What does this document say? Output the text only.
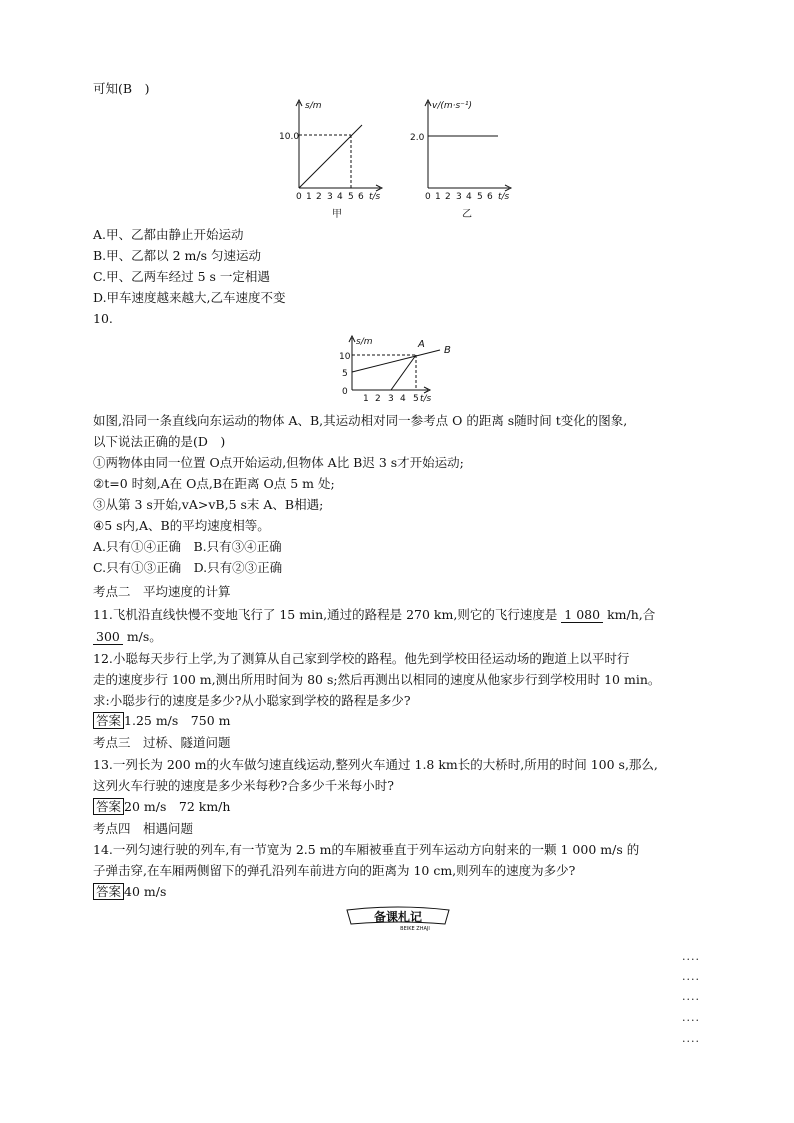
可知(B　)
s/m
10.0
0 1 2 3 4 5 6 t/s
甲
v/(m·s⁻¹)
2.0
0 1 2 3 4 5 6 t/s
乙
A.甲、乙都由静止开始运动
B.甲、乙都以 2 m/s 匀速运动
C.甲、乙两车经过 5 s 一定相遇
D.甲车速度越来越大,乙车速度不变
10.
s/m
10
5
0
1 2 3 4 5 t/s
A
B
如图,沿同一条直线向东运动的物体 A、B,其运动相对同一参考点 O 的距离 s随时间 t变化的图象,
以下说法正确的是(D　)
①两物体由同一位置 O点开始运动,但物体 A比 B迟 3 s才开始运动;
②t=0 时刻,A在 O点,B在距离 O点 5 m 处;
③从第 3 s开始,vA>vB,5 s末 A、B相遇;
④5 s内,A、B的平均速度相等。
A.只有①④正确　B.只有③④正确
C.只有①③正确　D.只有②③正确
考点二　平均速度的计算
11.飞机沿直线快慢不变地飞行了 15 min,通过的路程是 270 km,则它的飞行速度是 1 080 km/h,合
300 m/s。
12.小聪每天步行上学,为了测算从自己家到学校的路程。他先到学校田径运动场的跑道上以平时行
走的速度步行 100 m,测出所用时间为 80 s;然后再测出以相同的速度从他家步行到学校用时 10 min。
求:小聪步行的速度是多少?从小聪家到学校的路程是多少?
答案 1.25 m/s　750 m
考点三　过桥、隧道问题
13.一列长为 200 m的火车做匀速直线运动,整列火车通过 1.8 km长的大桥时,所用的时间 100 s,那么,
这列火车行驶的速度是多少米每秒?合多少千米每小时?
答案 20 m/s　72 km/h
考点四　相遇问题
14.一列匀速行驶的列车,有一节宽为 2.5 m的车厢被垂直于列车运动方向射来的一颗 1 000 m/s 的
子弹击穿,在车厢两侧留下的弹孔沿列车前进方向的距离为 10 cm,则列车的速度为多少?
答案 40 m/s
备课札记
BEIKE ZHAJI
....
....
....
....
....
